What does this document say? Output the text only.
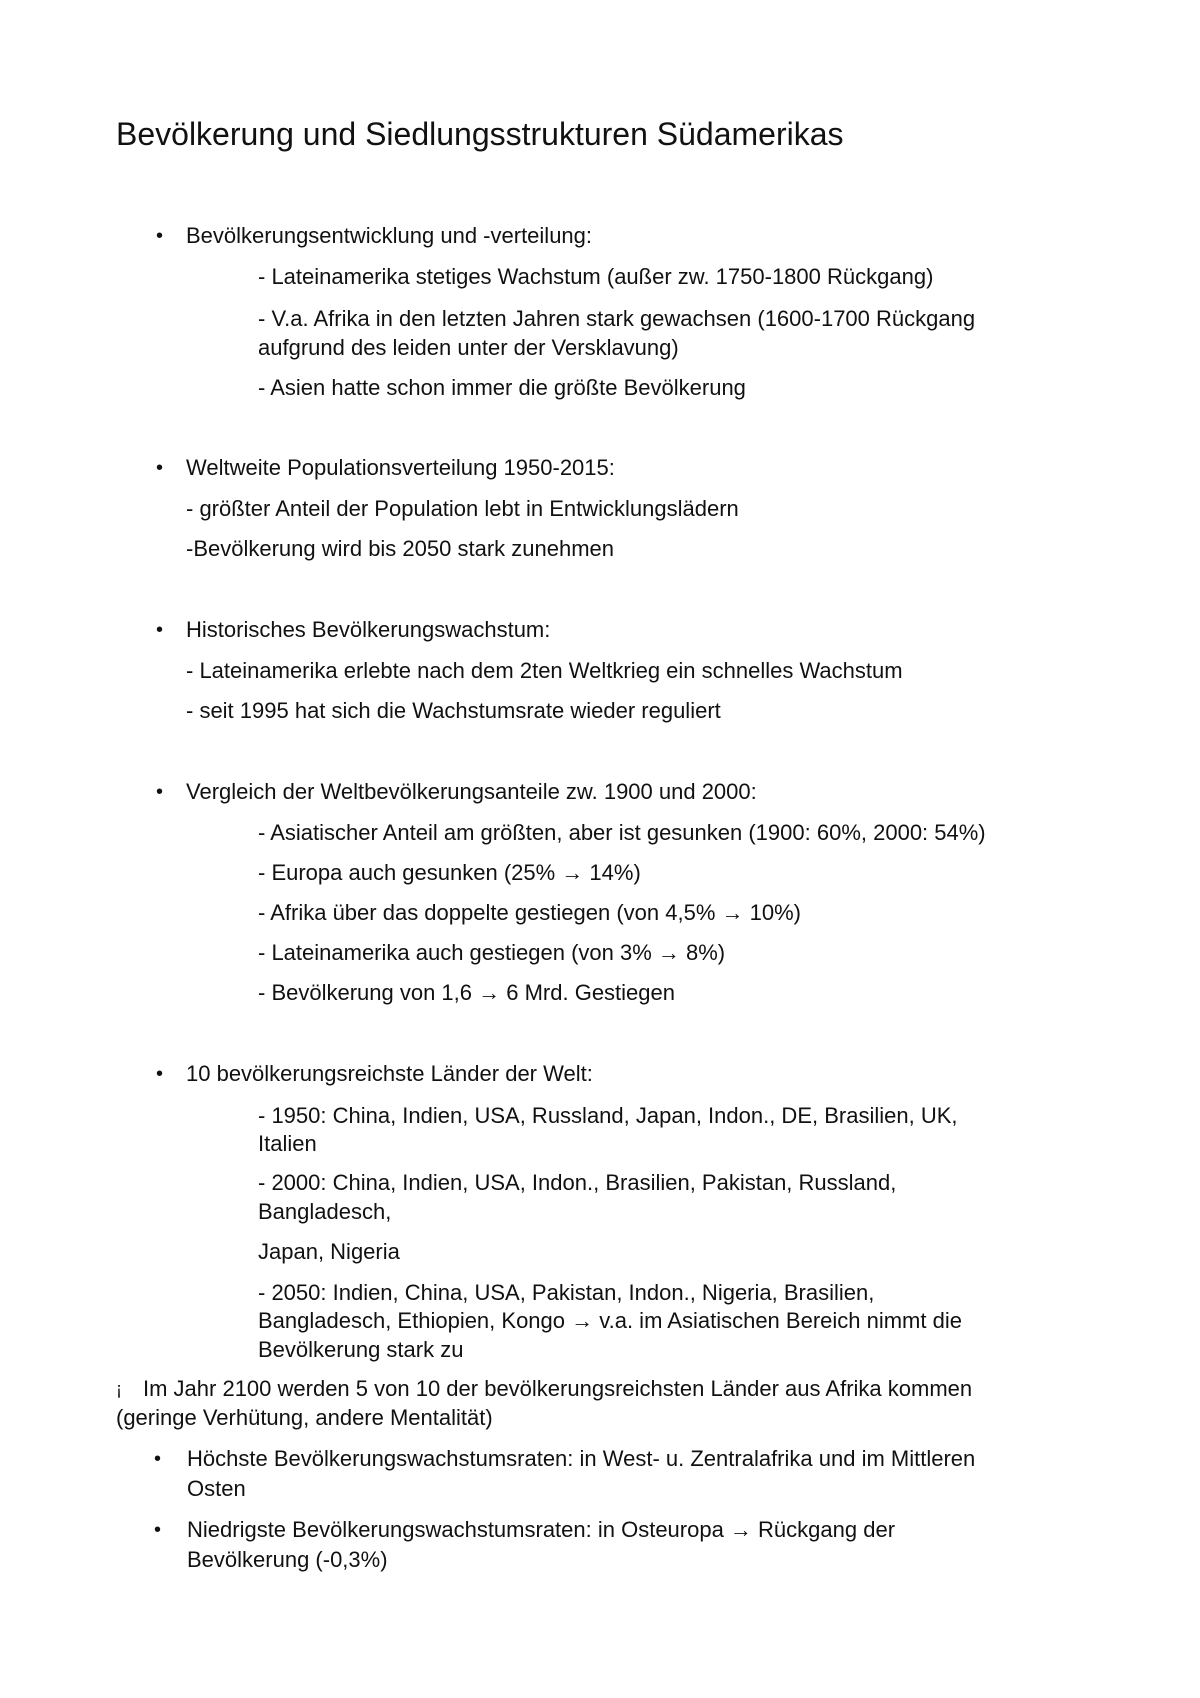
Bevölkerung und Siedlungsstrukturen Südamerikas
• Bevölkerungsentwicklung und -verteilung:
- Lateinamerika stetiges Wachstum (außer zw. 1750-1800 Rückgang)
- V.a. Afrika in den letzten Jahren stark gewachsen (1600-1700 Rückgang
aufgrund des leiden unter der Versklavung)
- Asien hatte schon immer die größte Bevölkerung
• Weltweite Populationsverteilung 1950-2015:
- größter Anteil der Population lebt in Entwicklungslädern
-Bevölkerung wird bis 2050 stark zunehmen
• Historisches Bevölkerungswachstum:
- Lateinamerika erlebte nach dem 2ten Weltkrieg ein schnelles Wachstum
- seit 1995 hat sich die Wachstumsrate wieder reguliert
• Vergleich der Weltbevölkerungsanteile zw. 1900 und 2000:
- Asiatischer Anteil am größten, aber ist gesunken (1900: 60%, 2000: 54%)
- Europa auch gesunken (25% → 14%)
- Afrika über das doppelte gestiegen (von 4,5% → 10%)
- Lateinamerika auch gestiegen (von 3% → 8%)
- Bevölkerung von 1,6 → 6 Mrd. Gestiegen
• 10 bevölkerungsreichste Länder der Welt:
- 1950: China, Indien, USA, Russland, Japan, Indon., DE, Brasilien, UK,
Italien
- 2000: China, Indien, USA, Indon., Brasilien, Pakistan, Russland,
Bangladesch,
Japan, Nigeria
- 2050: Indien, China, USA, Pakistan, Indon., Nigeria, Brasilien,
Bangladesch, Ethiopien, Kongo → v.a. im Asiatischen Bereich nimmt die
Bevölkerung stark zu
¡ Im Jahr 2100 werden 5 von 10 der bevölkerungsreichsten Länder aus Afrika kommen
(geringe Verhütung, andere Mentalität)
• Höchste Bevölkerungswachstumsraten: in West- u. Zentralafrika und im Mittleren
Osten
• Niedrigste Bevölkerungswachstumsraten: in Osteuropa → Rückgang der
Bevölkerung (-0,3%)
